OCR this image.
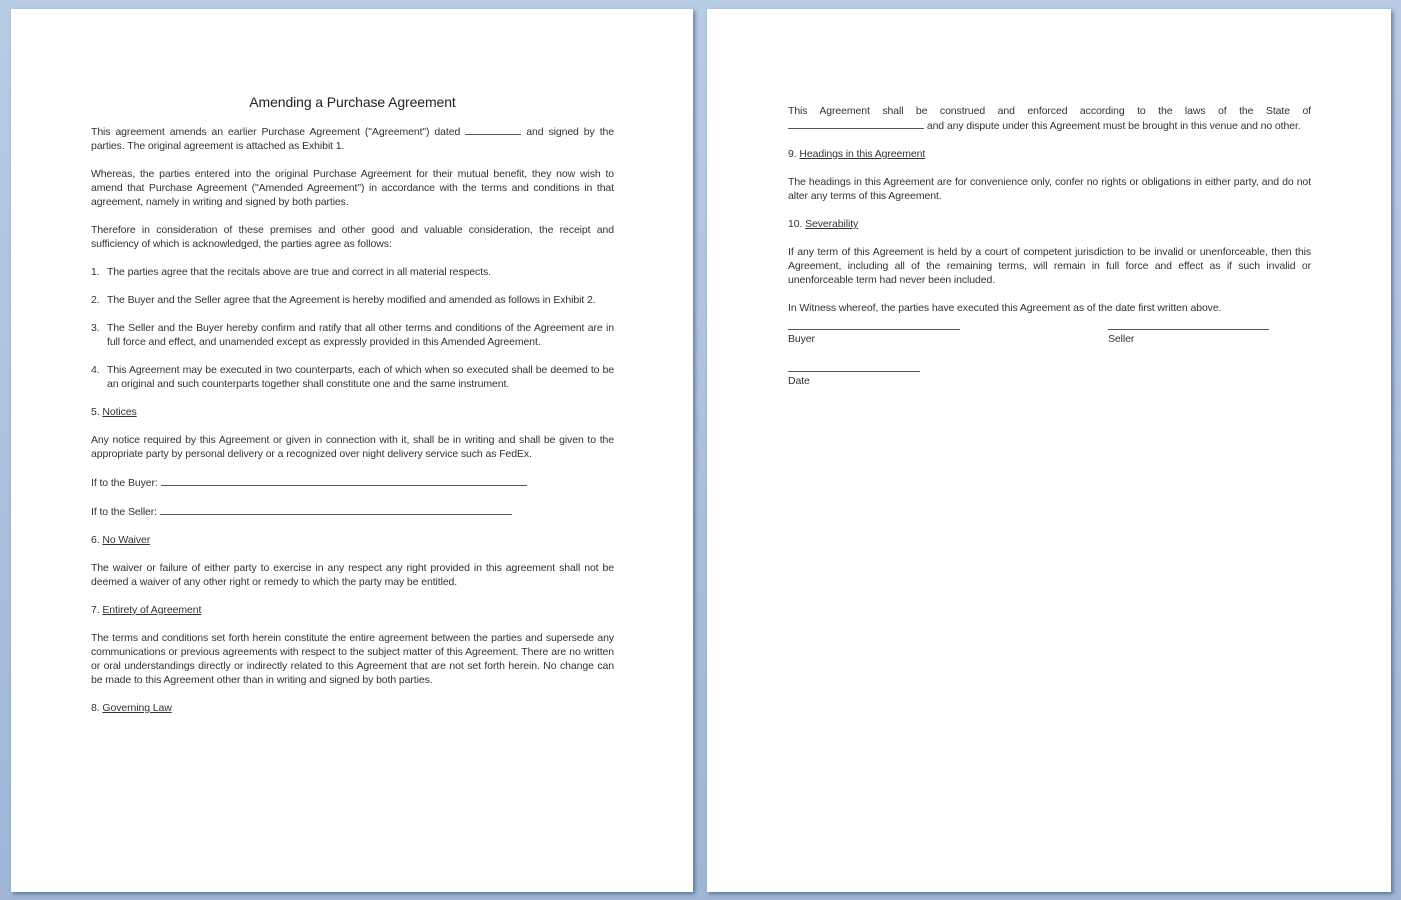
Amending a Purchase Agreement

This agreement amends an earlier Purchase Agreement ("Agreement") dated	and signed by the parties. The original agreement is attached as Exhibit 1.

Whereas, the parties entered into the original Purchase Agreement for their mutual benefit, they now wish to amend that Purchase Agreement ("Amended Agreement") in accordance with the terms and conditions in that agreement, namely in writing and signed by both parties.

Therefore in consideration of these premises and other good and valuable consideration, the receipt and sufficiency of which is acknowledged, the parties agree as follows:

1. The parties agree that the recitals above are true and correct in all material respects.
2. The Buyer and the Seller agree that the Agreement is hereby modified and amended as follows in Exhibit 2.
3. The Seller and the Buyer hereby confirm and ratify that all other terms and conditions of the Agreement are in full force and effect, and unamended except as expressly provided in this Amended Agreement.
4. This Agreement may be executed in two counterparts, each of which when so executed shall be deemed to be an original and such counterparts together shall constitute one and the same instrument.
5. Notices

Any notice required by this Agreement or given in connection with it, shall be in writing and shall be given to the appropriate party by personal delivery or a recognized over night delivery service such as FedEx.

If to the Buyer:
If to the Seller:
6. No Waiver

The waiver or failure of either party to exercise in any respect any right provided in this agreement shall not be deemed a waiver of any other right or remedy to which the party may be entitled.

7. Entirety of Agreement

The terms and conditions set forth herein constitute the entire agreement between the parties and supersede any communications or previous agreements with respect to the subject matter of this Agreement. There are no written or oral understandings directly or indirectly related to this Agreement that are not set forth herein. No change can be made to this Agreement other than in writing and signed by both parties.

8. Governing Law

This Agreement shall be construed and enforced according to the laws of the State of  and any dispute under this Agreement must be brought in this venue and no other.

9. Headings in this Agreement

The headings in this Agreement are for convenience only, confer no rights or obligations in either party, and do not alter any terms of this Agreement.

10. Severability

If any term of this Agreement is held by a court of competent jurisdiction to be invalid or unenforceable, then this Agreement, including all of the remaining terms, will remain in full force and effect as if such invalid or unenforceable term had never been included.

In Witness whereof, the parties have executed this Agreement as of the date first written above.

Buyer	Seller
Date
